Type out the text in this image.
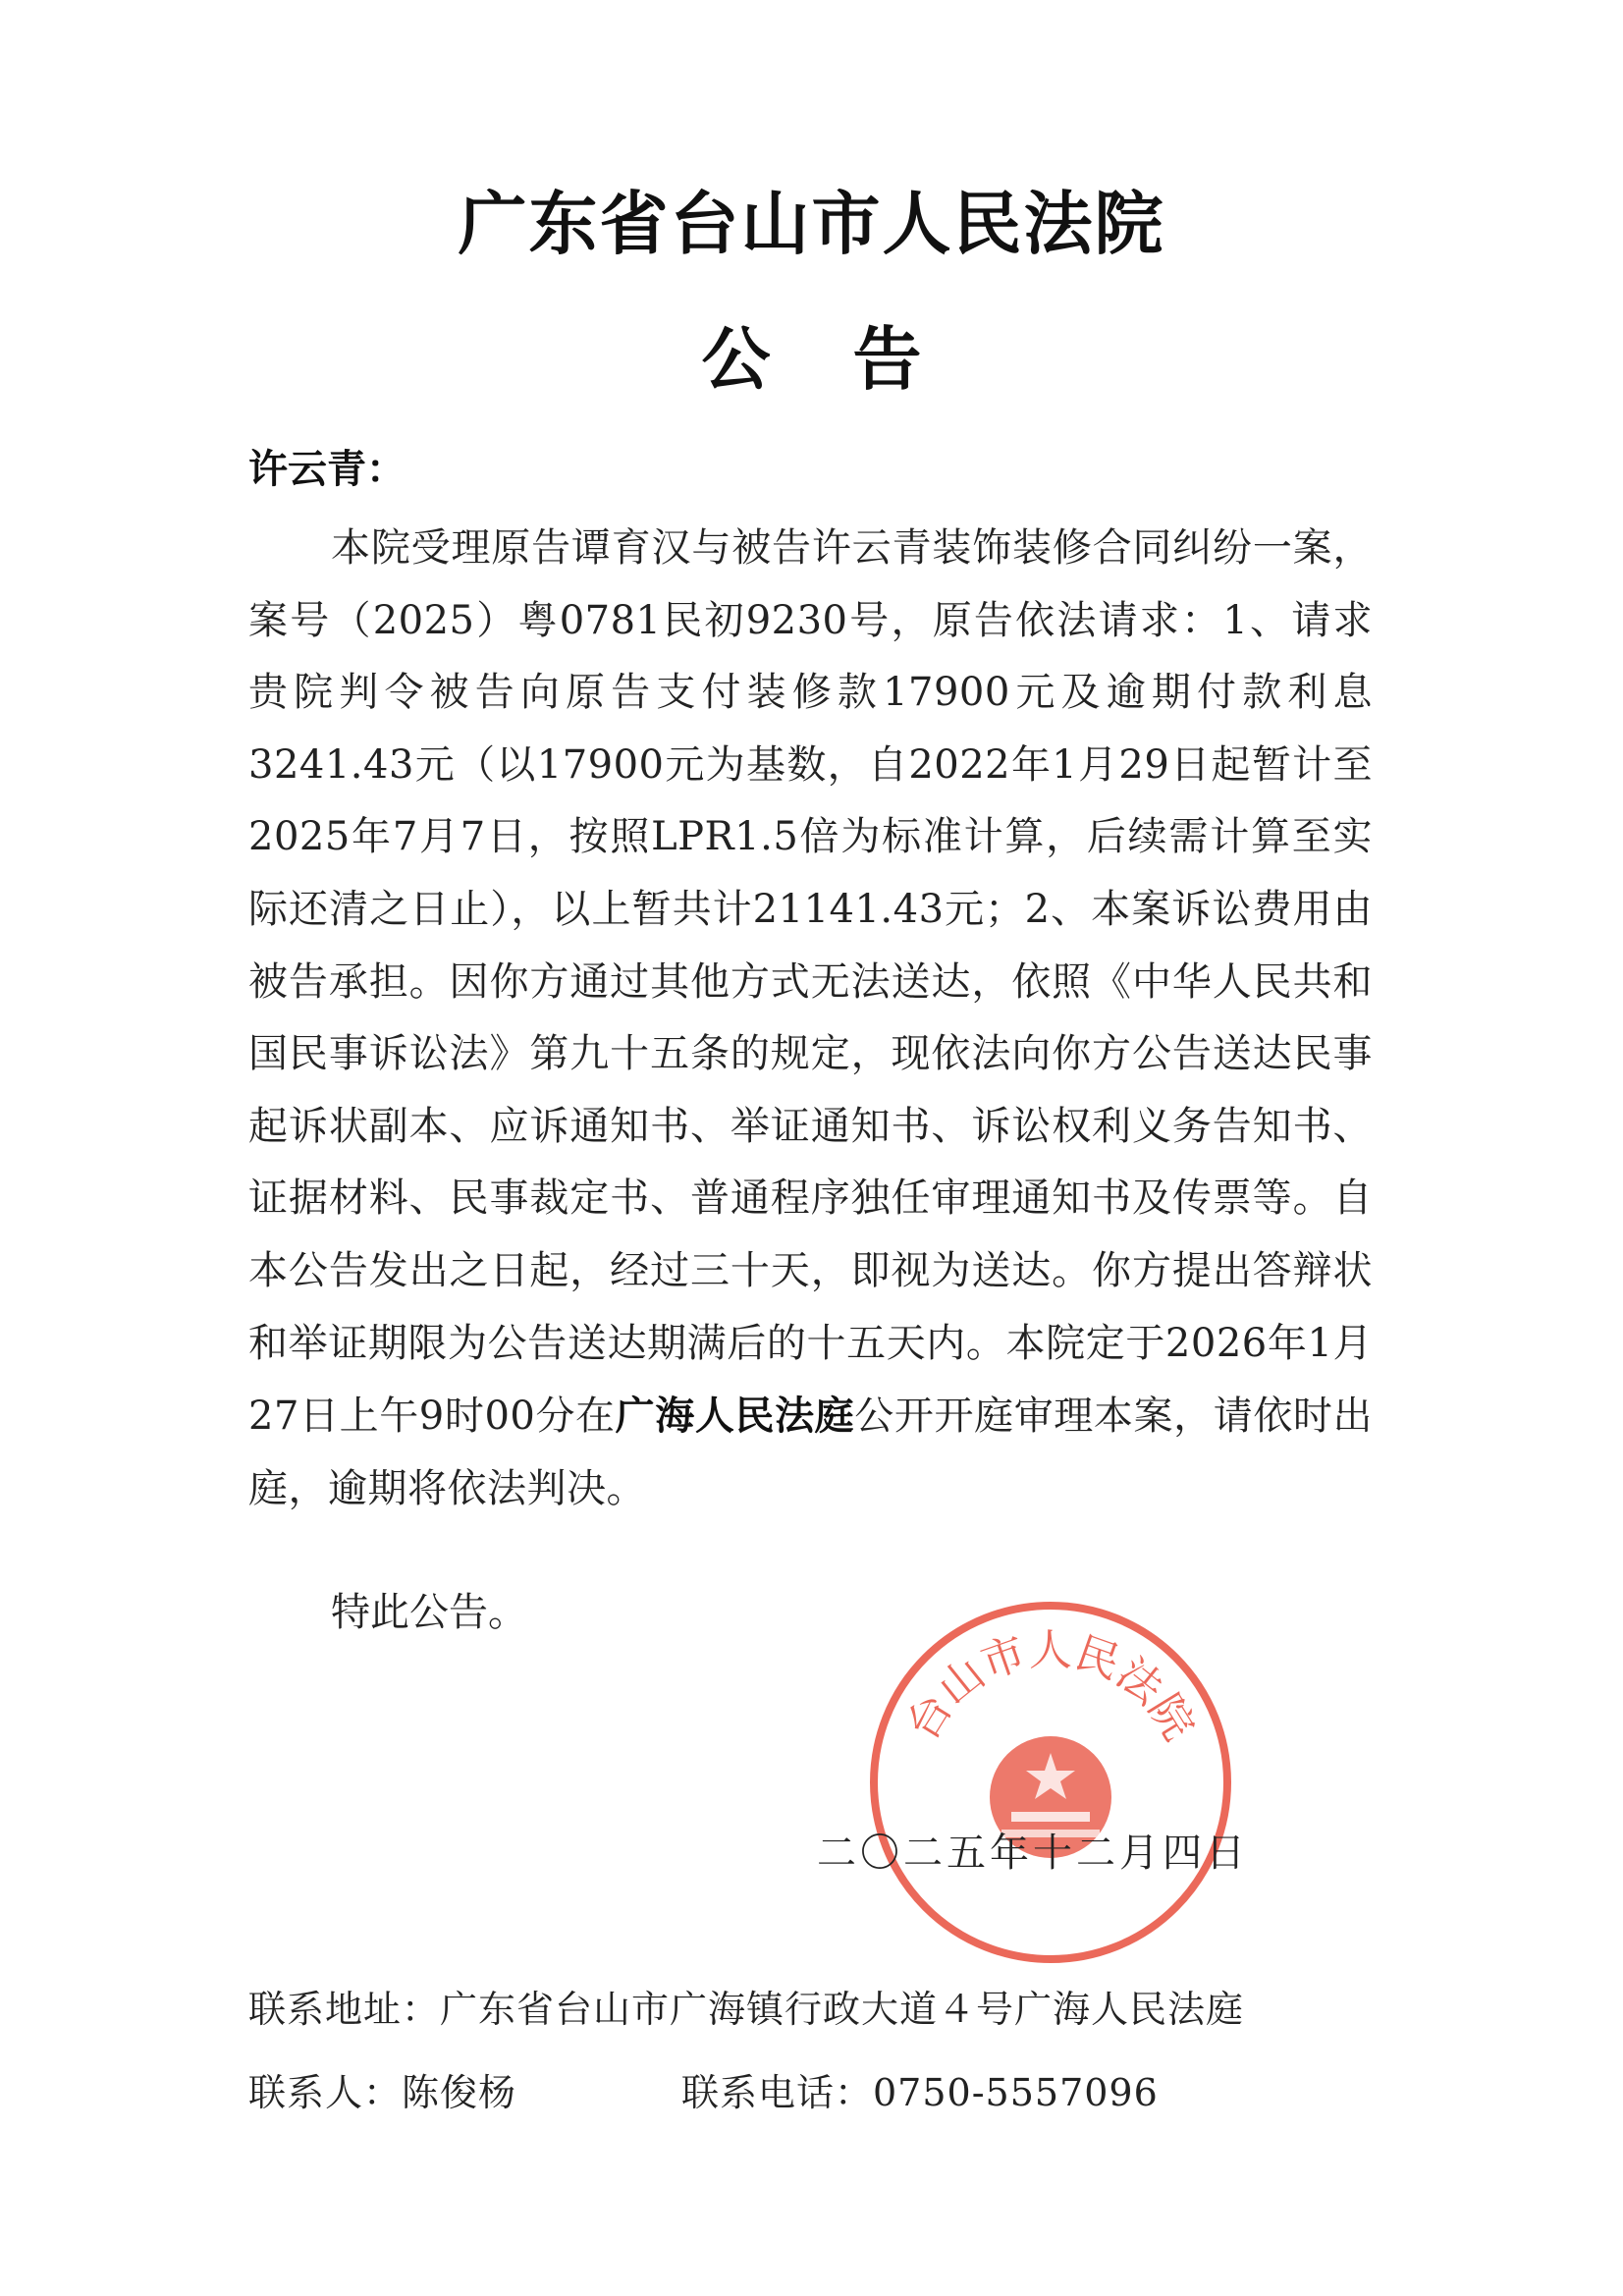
广东省台山市人民法院
公告
许云青：

本院受理原告谭育汉与被告许云青装饰装修合同纠纷一案，案号（2025）粤0781民初9230号，原告依法请求：1、请求贵院判令被告向原告支付装修款17900元及逾期付款利息3241.43元（以17900元为基数，自2022年1月29日起暂计至2025年7月7日，按照LPR1.5倍为标准计算，后续需计算至实际还清之日止），以上暂共计21141.43元；2、本案诉讼费用由被告承担。因你方通过其他方式无法送达，依照《中华人民共和国民事诉讼法》第九十五条的规定，现依法向你方公告送达民事起诉状副本、应诉通知书、举证通知书、诉讼权利义务告知书、证据材料、民事裁定书、普通程序独任审理通知书及传票等。自本公告发出之日起，经过三十天，即视为送达。你方提出答辩状和举证期限为公告送达期满后的十五天内。本院定于2026年1月27日上午9时00分在广海人民法庭公开开庭审理本案，请依时出庭，逾期将依法判决。

特此公告。
台山市人民法院
二〇二五年十二月四日
联系地址：广东省台山市广海镇行政大道４号广海人民法庭
联系人：陈俊杨	联系电话：0750-5557096
